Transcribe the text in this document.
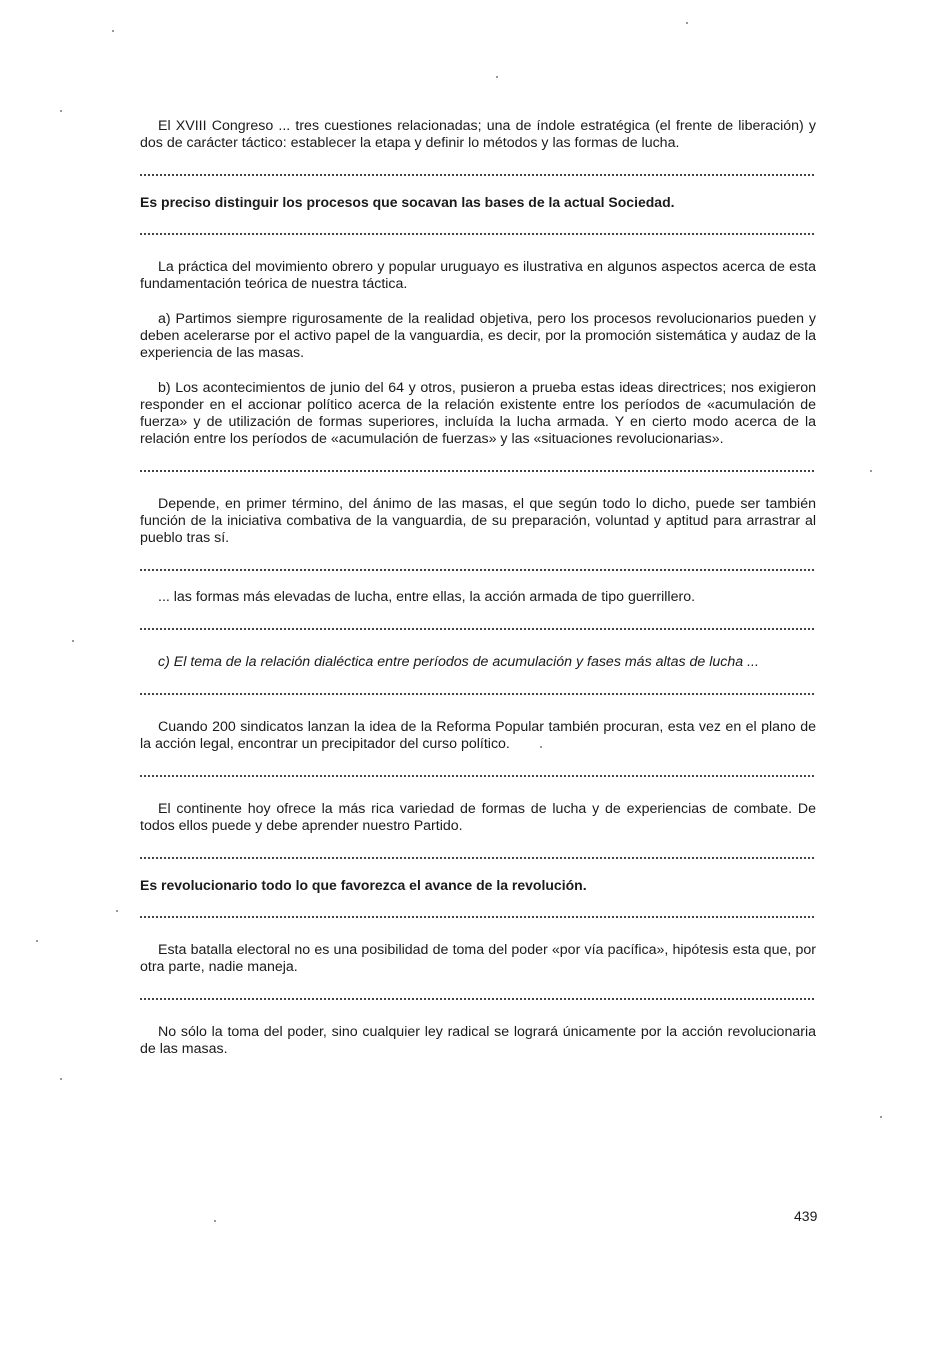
El XVIII Congreso ... tres cuestiones relacionadas; una de índole estratégica (el frente de liberación) y dos de carácter táctico: establecer la etapa y definir lo métodos y las formas de lucha.

Es preciso distinguir los procesos que socavan las bases de la actual Sociedad.

La práctica del movimiento obrero y popular uruguayo es ilustrativa en algunos aspectos acerca de esta fundamentación teórica de nuestra táctica.

a) Partimos siempre rigurosamente de la realidad objetiva, pero los procesos revolucionarios pueden y deben acelerarse por el activo papel de la vanguardia, es decir, por la promoción sistemática y audaz de la experiencia de las masas.

b) Los acontecimientos de junio del 64 y otros, pusieron a prueba estas ideas directrices; nos exigieron responder en el accionar político acerca de la relación existente entre los períodos de «acumulación de fuerza» y de utilización de formas superiores, incluída la lucha armada. Y en cierto modo acerca de la relación entre los períodos de «acumulación de fuerzas» y las «situaciones revolucionarias».

Depende, en primer término, del ánimo de las masas, el que según todo lo dicho, puede ser también función de la iniciativa combativa de la vanguardia, de su preparación, voluntad y aptitud para arrastrar al pueblo tras sí.

... las formas más elevadas de lucha, entre ellas, la acción armada de tipo guerrillero.

c) El tema de la relación dialéctica entre períodos de acumulación y fases más altas de lucha ...

Cuando 200 sindicatos lanzan la idea de la Reforma Popular también procuran, esta vez en el plano de la acción legal, encontrar un precipitador del curso político.

El continente hoy ofrece la más rica variedad de formas de lucha y de experiencias de combate. De todos ellos puede y debe aprender nuestro Partido.

Es revolucionario todo lo que favorezca el avance de la revolución.

Esta batalla electoral no es una posibilidad de toma del poder «por vía pacífica», hipótesis esta que, por otra parte, nadie maneja.

No sólo la toma del poder, sino cualquier ley radical se logrará únicamente por la acción revolucionaria de las masas.

439
